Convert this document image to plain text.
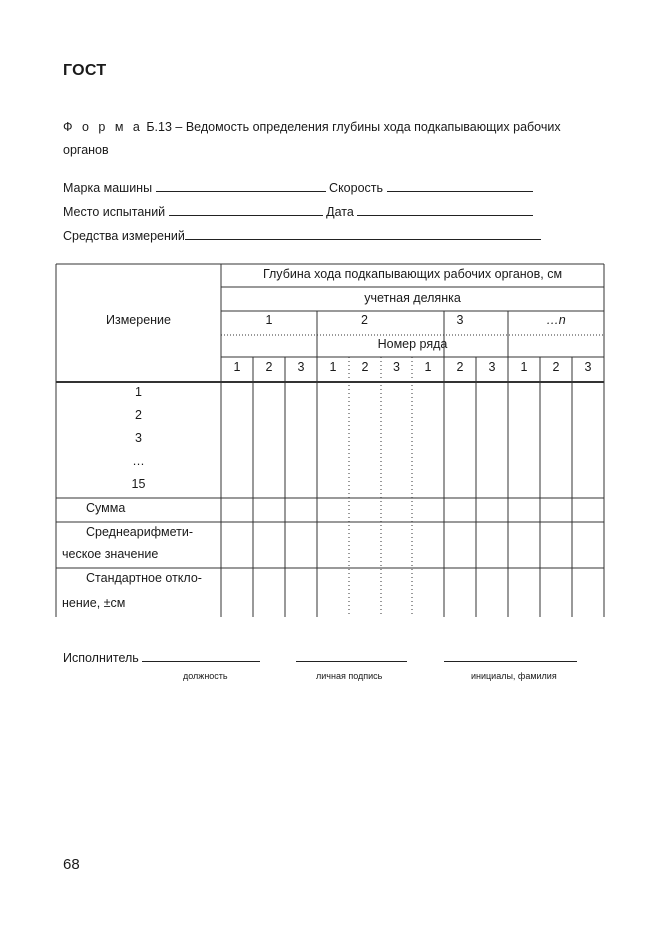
ГОСТ
Ф о р м а Б.13 – Ведомость определения глубины хода подкапывающих рабочих органов
Марка машины	Скорость
Место испытаний	Дата
Средства измерений
Измерение
Глубина хода подкапывающих рабочих органов, см
учетная делянка
1	2	3	…n
Номер ряда
1	2	3	1	2	3	1	2	3	1	2	3
1
2
3
…
15
Сумма
Среднеарифмети-
ческое значение
Стандартное откло-
нение, ±см
Исполнитель
должность	личная подпись	инициалы, фамилия
68
